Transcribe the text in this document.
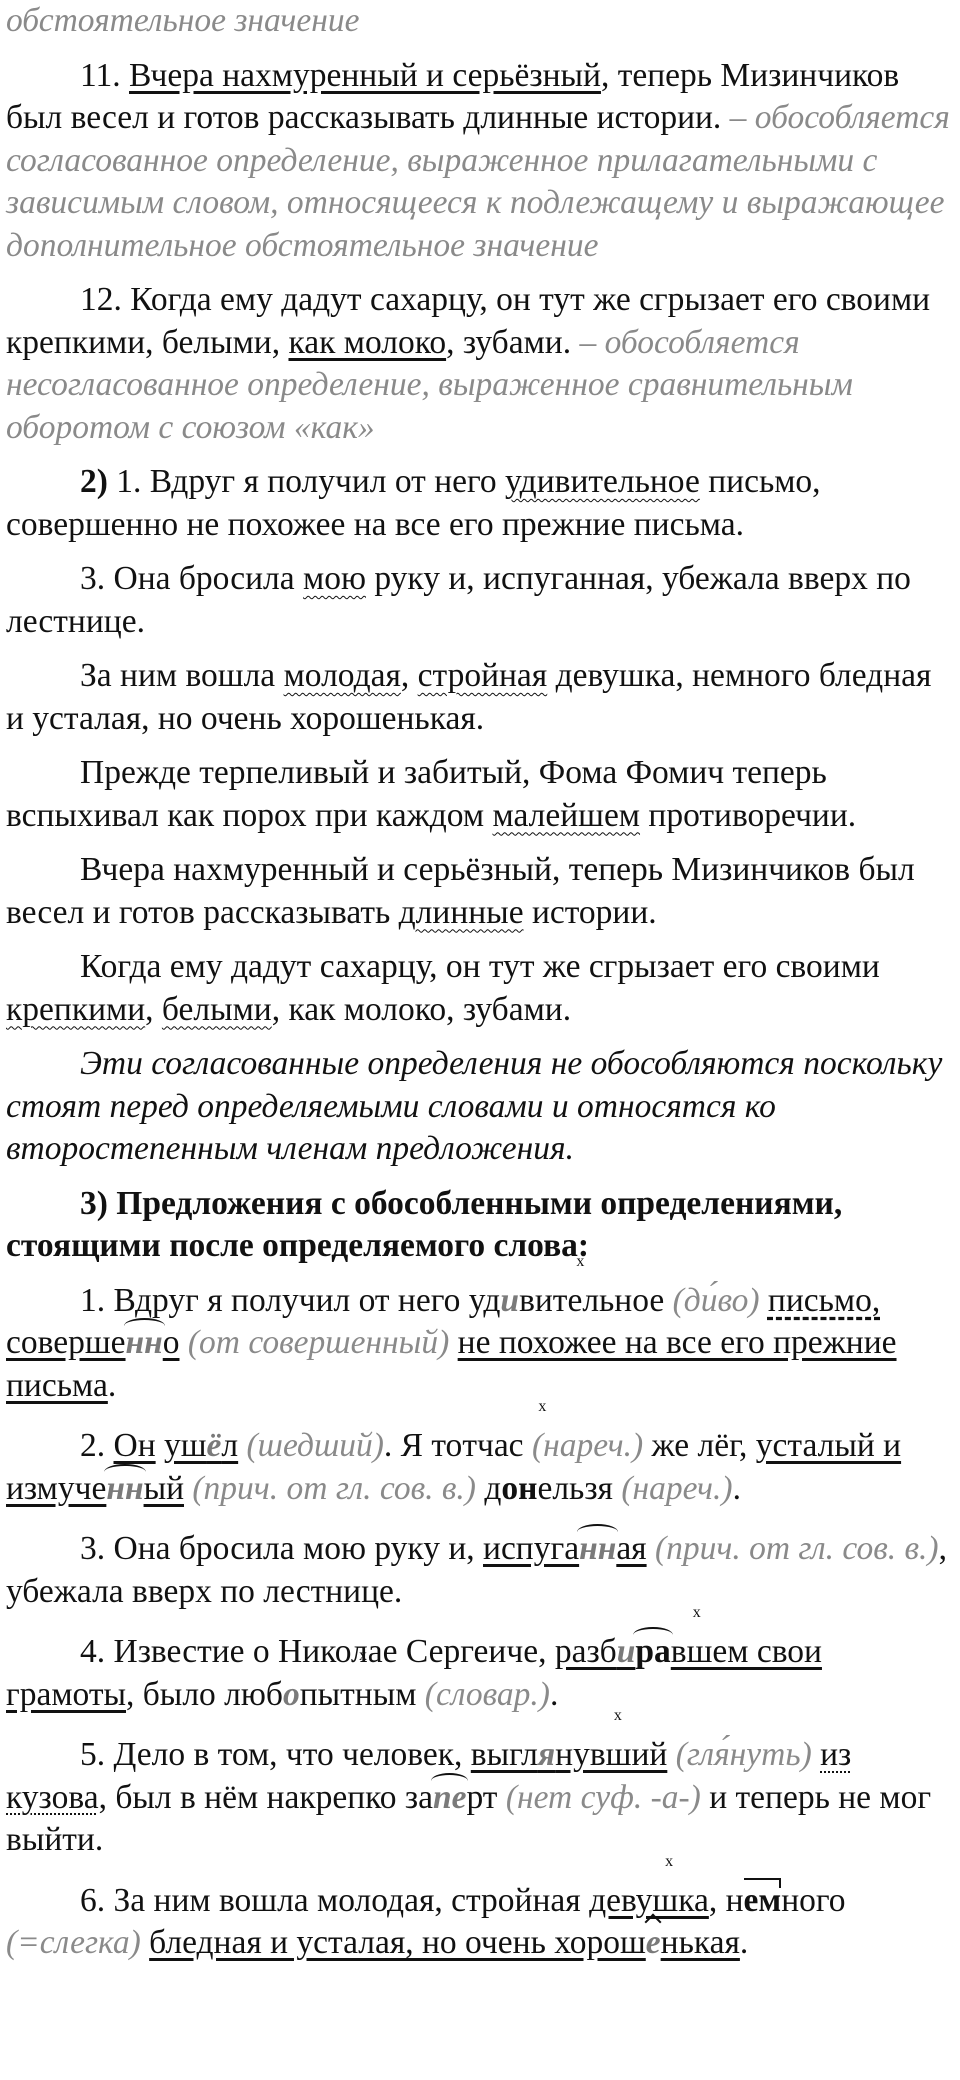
обстоятельное значение

11. Вчера нахмуренный и серьёзный, теперь Мизинчиков был весел и готов рассказывать длинные истории. – обособляется согласованное определение, выраженное прилагательными с зависимым словом, относящееся к подлежащему и выражающее дополнительное обстоятельное значение

12. Когда ему дадут сахарцу, он тут же сгрызает его своими крепкими, белыми, как молоко, зубами. – обособляется несогласованное определение, выраженное сравнительным оборотом с союзом «как»

2) 1. Вдруг я получил от него удивительное письмо, совершенно не похожее на все его прежние письма.

3. Она бросила мою руку и, испуганная, убежала вверх по лестнице.

За ним вошла молодая, стройная девушка, немного бледная и усталая, но очень хорошенькая.

Прежде терпеливый и забитый, Фома Фомич теперь вспыхивал как порох при каждом малейшем противоречии.

Вчера нахмуренный и серьёзный, теперь Мизинчиков был весел и готов рассказывать длинные истории.

Когда ему дадут сахарцу, он тут же сгрызает его своими крепкими, белыми, как молоко, зубами.

Эти согласованные определения не обособляются поскольку стоят перед определяемыми словами и относятся ко второстепенным членам предложения.

3) Предложения с обособленными определениями, стоящими после определяемого слова:

1. Вдруг я получил от него удx ивительное (ди́во) письмо, совершенно (от совершенный) не похожее на все его прежние письма.

2. Он ушёл (шедший). Я тоx тчас (нареч.) же лёг, усталый и измученный (прич. от гл. сов. в.) донельзя (нареч.).

3. Она бросила мою руку и, испуганная (прич. от гл. сов. в.), убежала вверх по лестнице.

4. Известие о Николае Сергеиче, разбx иравшем свои грамоты, было любx опытным (словар.).

5. Дело в том, что человек, выглx янувший (гля́нуть) из кузова, был в нём накрепко заперт (нет суф. -а-) и теперь не мог выйти.

6. За ним вошла молодая, стройная x девушка, немного (=слегка) бледная и усталая, но очень хорошенькая.
